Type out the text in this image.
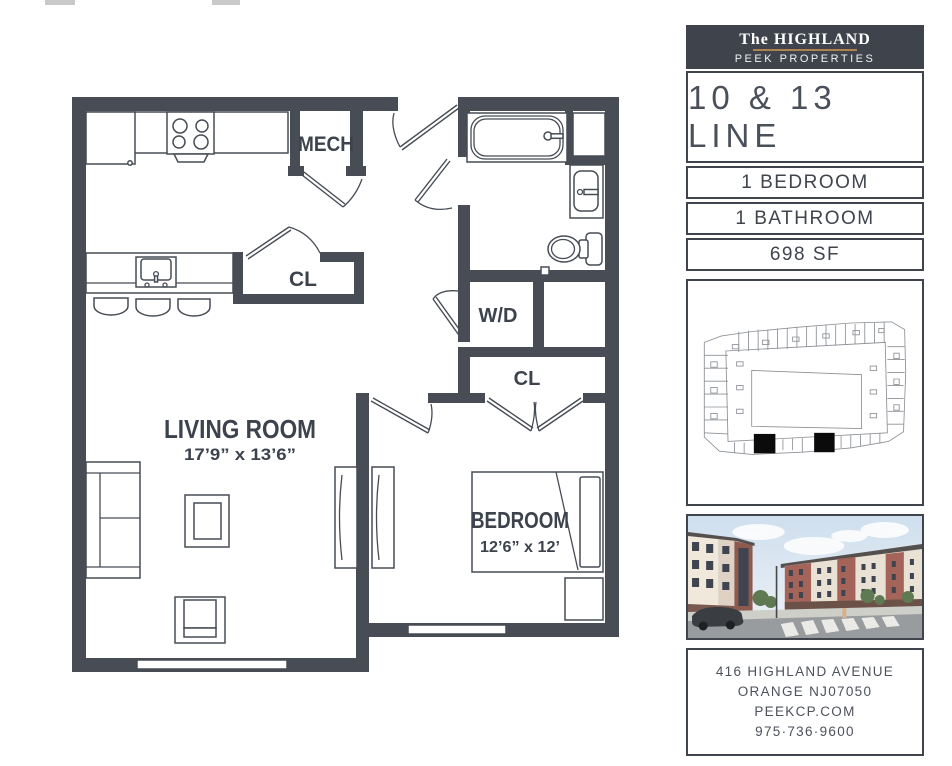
MECH
CL
W/D
CL
LIVING ROOM
17’9” x 13’6”
BEDROOM
12’6” x 12’
The HIGHLAND
PEEK PROPERTIES
10 & 13 LINE
1 BEDROOM
1 BATHROOM
698 SF
416 HIGHLAND AVENUE
ORANGE NJ07050
PEEKCP.COM
975·736·9600
